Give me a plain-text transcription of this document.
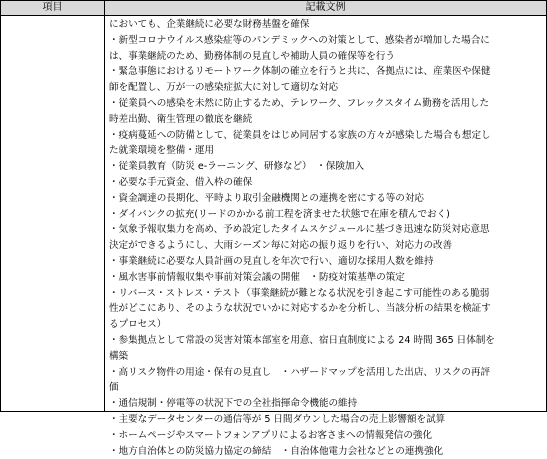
項目	記載文例
においても、企業継続に必要な財務基盤を確保
・新型コロナウイルス感染症等のパンデミックへの対策として、感染者が増加した場合に
は、事業継続のため、勤務体制の見直しや補助人員の確保等を行う
・緊急事態におけるリモートワーク体制の確立を行うと共に、各拠点には、産業医や保健
師を配置し、万が一の感染症拡大に対して適切な対応
・従業員への感染を未然に防止するため、テレワーク、フレックスタイム勤務を活用した
時差出勤、衛生管理の徹底を継続
・疫病蔓延への防備として、従業員をはじめ同居する家族の方々が感染した場合も想定し
た就業環境を整備・運用
・従業員教育（防災 e-ラーニング、研修など）　・保険加入
・必要な手元資金、借入枠の確保
・資金調達の長期化、平時より取引金融機関との連携を密にする等の対応
・ダイバンクの拡充(リードのかかる前工程を済ませた状態で在庫を積んでおく)
・気象予報収集力を高め、予め設定したタイムスケジュールに基づき迅速な防災対応意思
決定ができるようにし、大雨シーズン毎に対応の振り返りを行い、対応力の改善
・事業継続に必要な人員計画の見直しを年次で行い、適切な採用人数を維持
・風水害事前情報収集や事前対策会議の開催　・防疫対策基準の策定
・リバース・ストレス・テスト（事業継続が難となる状況を引き起こす可能性のある脆弱
性がどこにあり、そのような状況でいかに対応するかを分析し、当該分析の結果を検証す
るプロセス）
・参集拠点として常設の災害対策本部室を用意、宿日直制度による 24 時間 365 日体制を
構築
・高リスク物件の用途・保有の見直し　・ハザードマップを活用した出店、リスクの再評
価
・通信規制・停電等の状況下での全社指揮命令機能の維持
・主要なデータセンターの通信等が 5 日間ダウンした場合の売上影響額を試算
・ホームページやスマートフォンアプリによるお客さまへの情報発信の強化
・地方自治体との防災協力協定の締結　・自治体他電力会社などとの連携強化
